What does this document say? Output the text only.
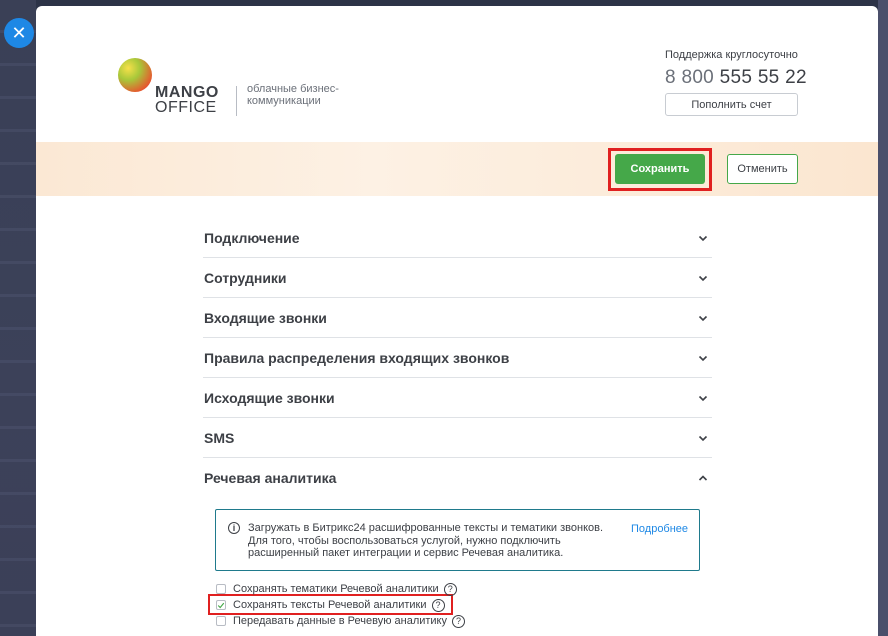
✕
MANGO
OFFICE
облачные бизнес-коммуникации
Поддержка круглосуточно
8 800 555 55 22
Пополнить счет
Сохранить	Отменить
Подключение
Сотрудники
Входящие звонки
Правила распределения входящих звонков
Исходящие звонки
SMS
Речевая аналитика
i	Загружать в Битрикс24 расшифрованные тексты и тематики звонков. Для того, чтобы воспользоваться услугой, нужно подключить расширенный пакет интеграции и сервис Речевая аналитика.
Подробнее
Сохранять тематики Речевой аналитики ?
Сохранять тексты Речевой аналитики ?
Передавать данные в Речевую аналитику ?
